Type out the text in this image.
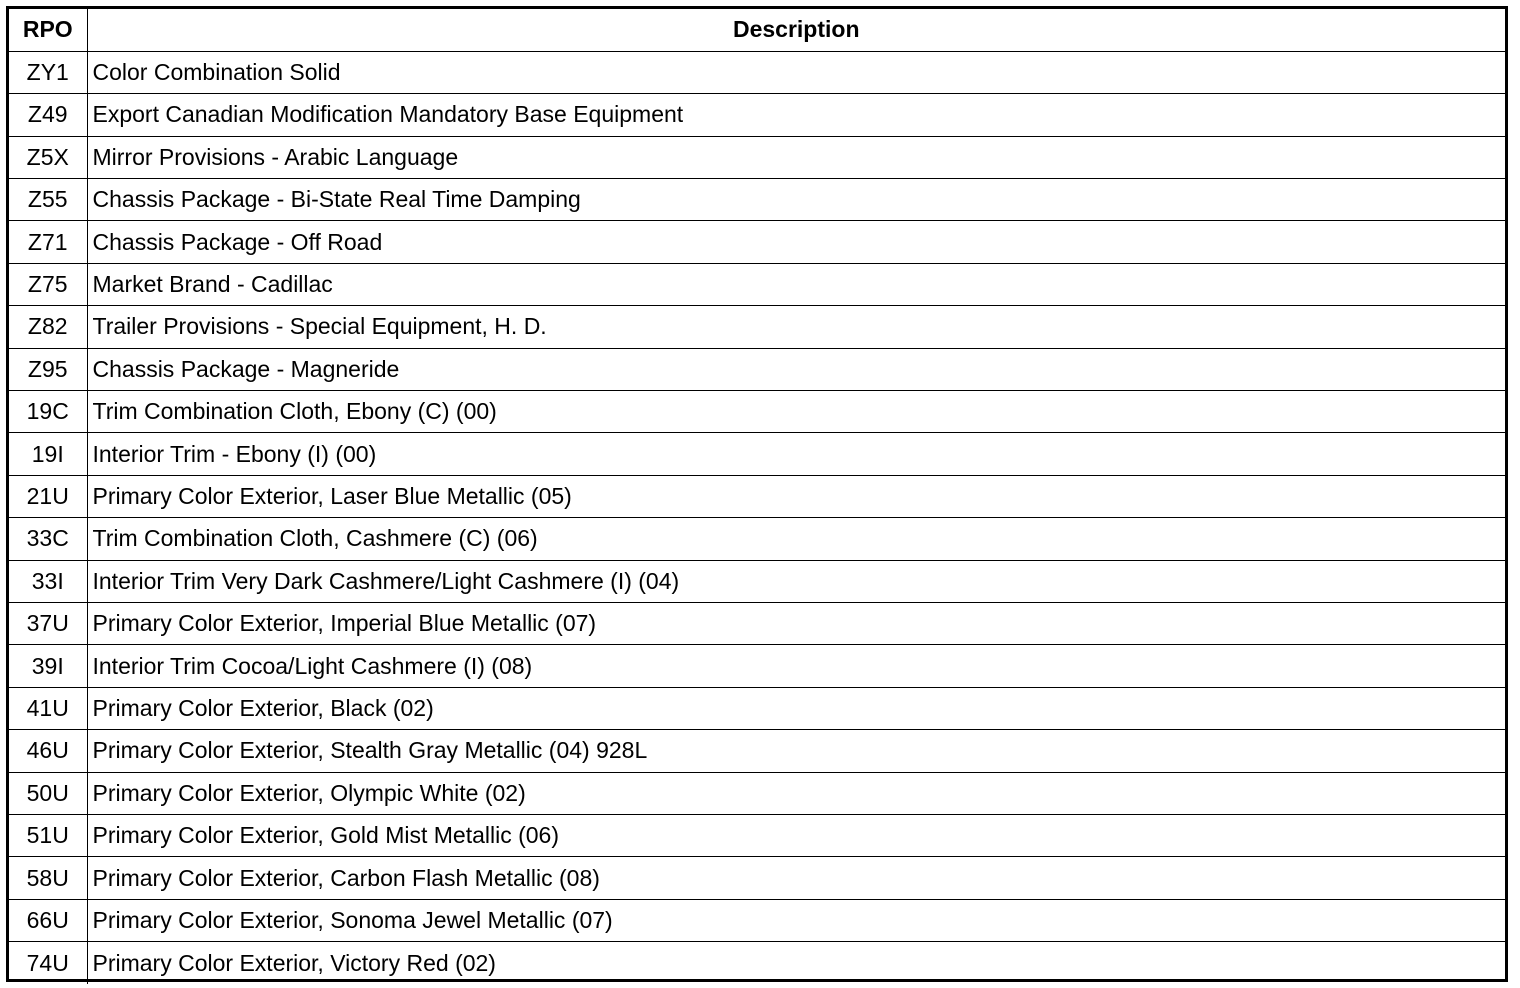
RPO	Description
ZY1	Color Combination Solid
Z49	Export Canadian Modification Mandatory Base Equipment
Z5X	Mirror Provisions - Arabic Language
Z55	Chassis Package - Bi-State Real Time Damping
Z71	Chassis Package - Off Road
Z75	Market Brand - Cadillac
Z82	Trailer Provisions - Special Equipment, H. D.
Z95	Chassis Package - Magneride
19C	Trim Combination Cloth, Ebony (C) (00)
19I	Interior Trim - Ebony (I) (00)
21U	Primary Color Exterior, Laser Blue Metallic (05)
33C	Trim Combination Cloth, Cashmere (C) (06)
33I	Interior Trim Very Dark Cashmere/Light Cashmere (I) (04)
37U	Primary Color Exterior, Imperial Blue Metallic (07)
39I	Interior Trim Cocoa/Light Cashmere (I) (08)
41U	Primary Color Exterior, Black (02)
46U	Primary Color Exterior, Stealth Gray Metallic (04) 928L
50U	Primary Color Exterior, Olympic White (02)
51U	Primary Color Exterior, Gold Mist Metallic (06)
58U	Primary Color Exterior, Carbon Flash Metallic (08)
66U	Primary Color Exterior, Sonoma Jewel Metallic (07)
74U	Primary Color Exterior, Victory Red (02)
